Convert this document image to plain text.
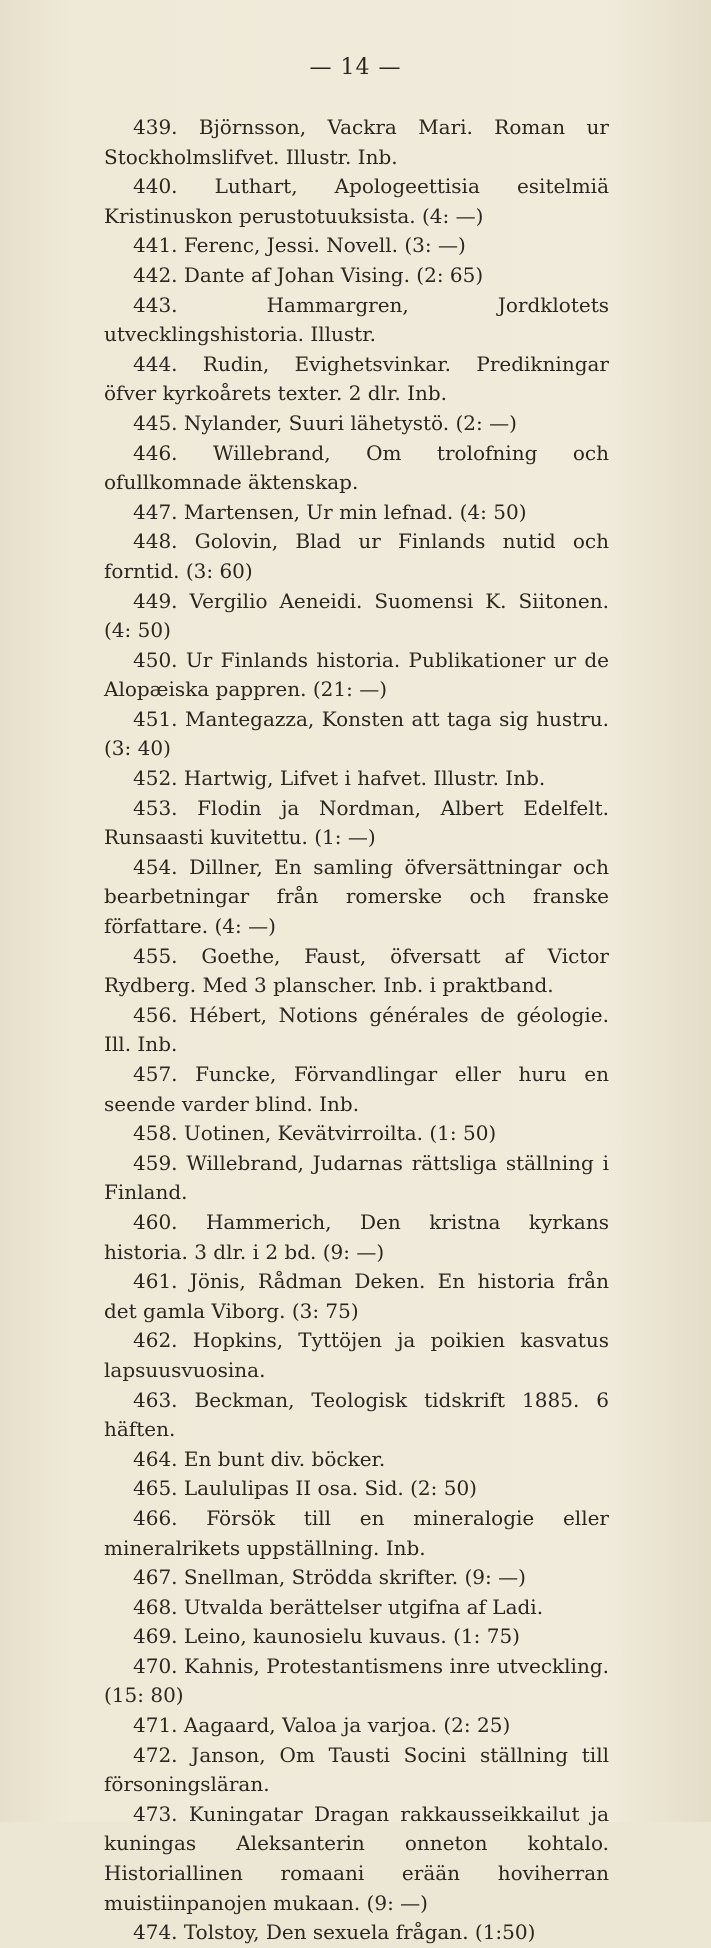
— 14 —

439. Björnsson, Vackra Mari. Roman ur Stockholmslifvet. Illustr. Inb.

440. Luthart, Apologeettisia esitelmiä Kristinuskon perustotuuksista. (4: —)

441. Ferenc, Jessi. Novell. (3: —)

442. Dante af Johan Vising. (2: 65)

443. Hammargren, Jordklotets utvecklingshistoria. Illustr.

444. Rudin, Evighetsvinkar. Predikningar öfver kyrkoårets texter. 2 dlr. Inb.

445. Nylander, Suuri lähetystö. (2: —)

446. Willebrand, Om trolofning och ofullkomnade äktenskap.

447. Martensen, Ur min lefnad. (4: 50)

448. Golovin, Blad ur Finlands nutid och forntid. (3: 60)

449. Vergilio Aeneidi. Suomensi K. Siitonen. (4: 50)

450. Ur Finlands historia. Publikationer ur de Alopæiska pappren. (21: —)

451. Mantegazza, Konsten att taga sig hustru. (3: 40)

452. Hartwig, Lifvet i hafvet. Illustr. Inb.

453. Flodin ja Nordman, Albert Edelfelt. Runsaasti kuvitettu. (1: —)

454. Dillner, En samling öfversättningar och bearbetningar från romerske och franske författare. (4: —)

455. Goethe, Faust, öfversatt af Victor Rydberg. Med 3 planscher. Inb. i praktband.

456. Hébert, Notions générales de géologie. Ill. Inb.

457. Funcke, Förvandlingar eller huru en seende varder blind. Inb.

458. Uotinen, Kevätvirroilta. (1: 50)

459. Willebrand, Judarnas rättsliga ställning i Finland.

460. Hammerich, Den kristna kyrkans historia. 3 dlr. i 2 bd. (9: —)

461. Jönis, Rådman Deken. En historia från det gamla Viborg. (3: 75)

462. Hopkins, Tyttöjen ja poikien kasvatus lapsuusvuosina.

463. Beckman, Teologisk tidskrift 1885. 6 häften.

464. En bunt div. böcker.

465. Laululipas II osa. Sid. (2: 50)

466. Försök till en mineralogie eller mineralrikets uppställning. Inb.

467. Snellman, Strödda skrifter. (9: —)

468. Utvalda berättelser utgifna af Ladi.

469. Leino, kaunosielu kuvaus. (1: 75)

470. Kahnis, Protestantismens inre utveckling. (15: 80)

471. Aagaard, Valoa ja varjoa. (2: 25)

472. Janson, Om Tausti Socini ställning till försoningsläran.

473. Kuningatar Dragan rakkausseikkailut ja kuningas Aleksanterin onneton kohtalo. Historiallinen romaani erään hoviherran muistiinpanojen mukaan. (9: —)

474. Tolstoy, Den sexuela frågan. (1:50)
